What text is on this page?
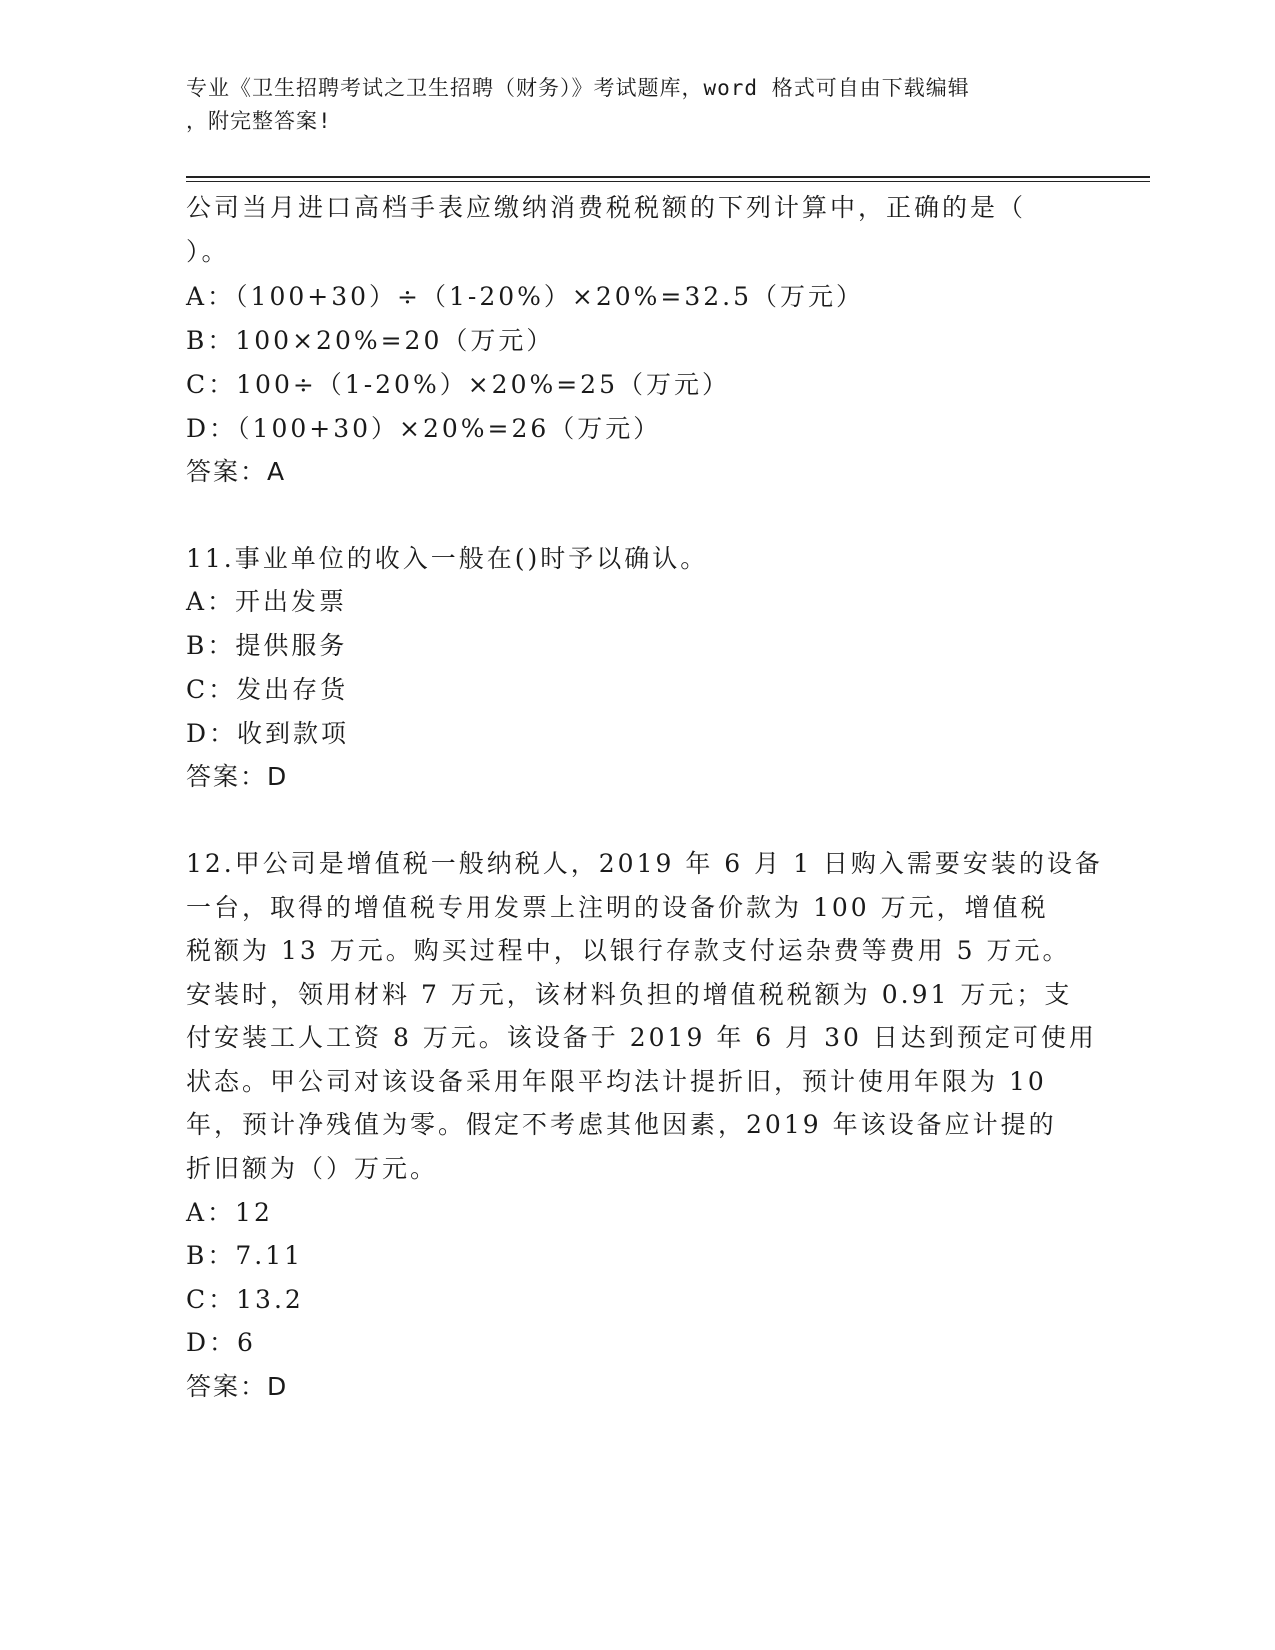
专业《卫生招聘考试之卫生招聘（财务）》考试题库，word 格式可自由下载编辑
，附完整答案!
公司当月进口高档手表应缴纳消费税税额的下列计算中，正确的是（
）。
A：（100+30）÷（1-20%）×20%=32.5（万元）
B：100×20%=20（万元）
C：100÷（1-20%）×20%=25（万元）
D：（100+30）×20%=26（万元）
答案：A
11.事业单位的收入一般在()时予以确认。
A：开出发票
B：提供服务
C：发出存货
D：收到款项
答案：D
12.甲公司是增值税一般纳税人，2019 年 6 月 1 日购入需要安装的设备
一台，取得的增值税专用发票上注明的设备价款为 100 万元，增值税
税额为 13 万元。购买过程中，以银行存款支付运杂费等费用 5 万元。
安装时，领用材料 7 万元，该材料负担的增值税税额为 0.91 万元；支
付安装工人工资 8 万元。该设备于 2019 年 6 月 30 日达到预定可使用
状态。甲公司对该设备采用年限平均法计提折旧，预计使用年限为 10
年，预计净残值为零。假定不考虑其他因素，2019 年该设备应计提的
折旧额为（）万元。
A：12
B：7.11
C：13.2
D：6
答案：D
